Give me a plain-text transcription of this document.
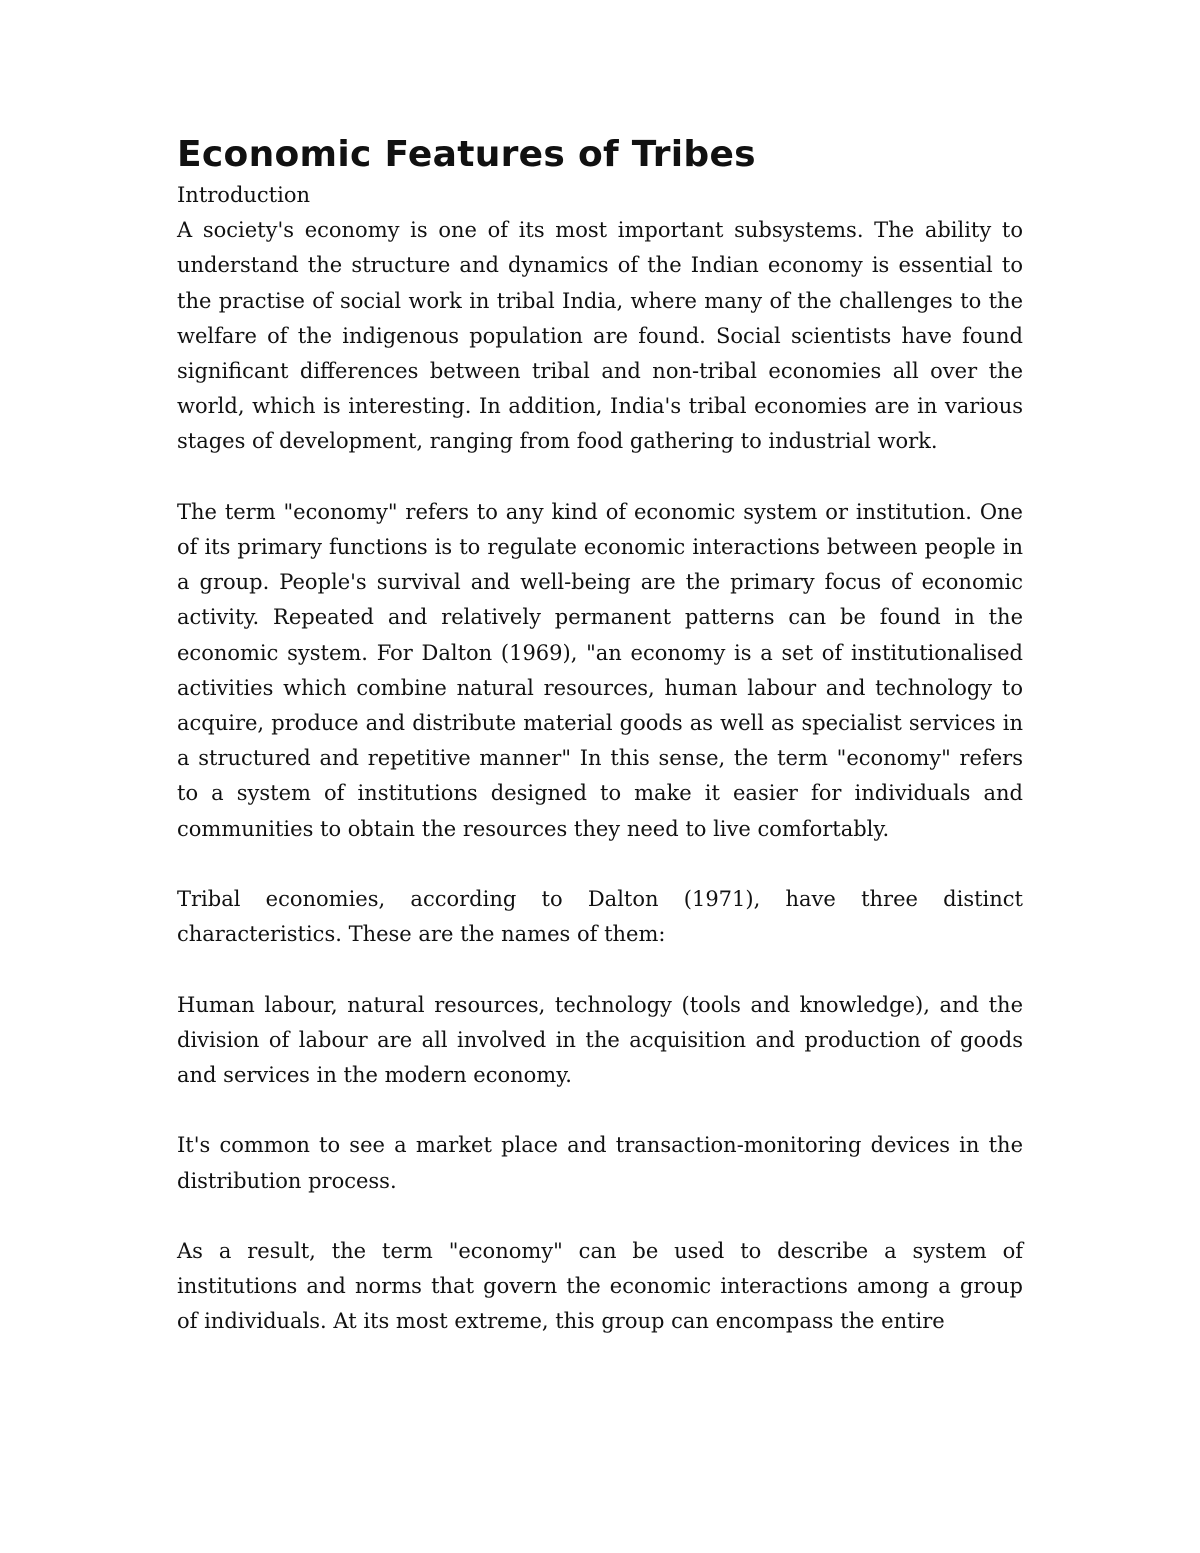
Economic Features of Tribes
Introduction

A society's economy is one of its most important subsystems. The ability to understand the structure and dynamics of the Indian economy is essential to the practise of social work in tribal India, where many of the challenges to the welfare of the indigenous population are found. Social scientists have found significant differences between tribal and non-tribal economies all over the world, which is interesting. In addition, India's tribal economies are in various stages of development, ranging from food gathering to industrial work.

The term "economy" refers to any kind of economic system or institution. One of its primary functions is to regulate economic interactions between people in a group. People's survival and well-being are the primary focus of economic activity. Repeated and relatively permanent patterns can be found in the economic system. For Dalton (1969), "an economy is a set of institutionalised activities which combine natural resources, human labour and technology to acquire, produce and distribute material goods as well as specialist services in a structured and repetitive manner" In this sense, the term "economy" refers to a system of institutions designed to make it easier for individuals and communities to obtain the resources they need to live comfortably.

Tribal economies, according to Dalton (1971), have three distinct characteristics. These are the names of them:

Human labour, natural resources, technology (tools and knowledge), and the division of labour are all involved in the acquisition and production of goods and services in the modern economy.

It's common to see a market place and transaction-monitoring devices in the distribution process.

As a result, the term "economy" can be used to describe a system of institutions and norms that govern the economic interactions among a group of individuals. At its most extreme, this group can encompass the entire
